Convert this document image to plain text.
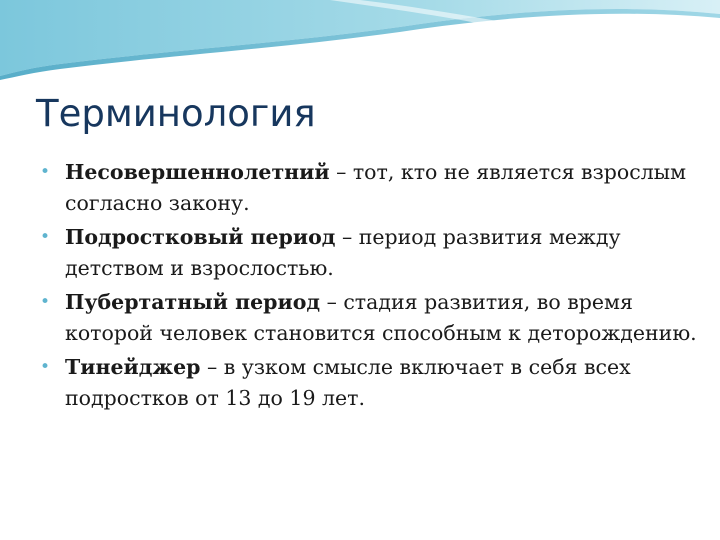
Терминология
• Несовершеннолетний – тот, кто не является взрослым согласно закону.
• Подростковый период – период развития между детством и взрослостью.
• Пубертатный период – стадия развития, во время которой человек становится способным к деторождению.
• Тинейджер – в узком смысле включает в себя всех подростков от 13 до 19 лет.
